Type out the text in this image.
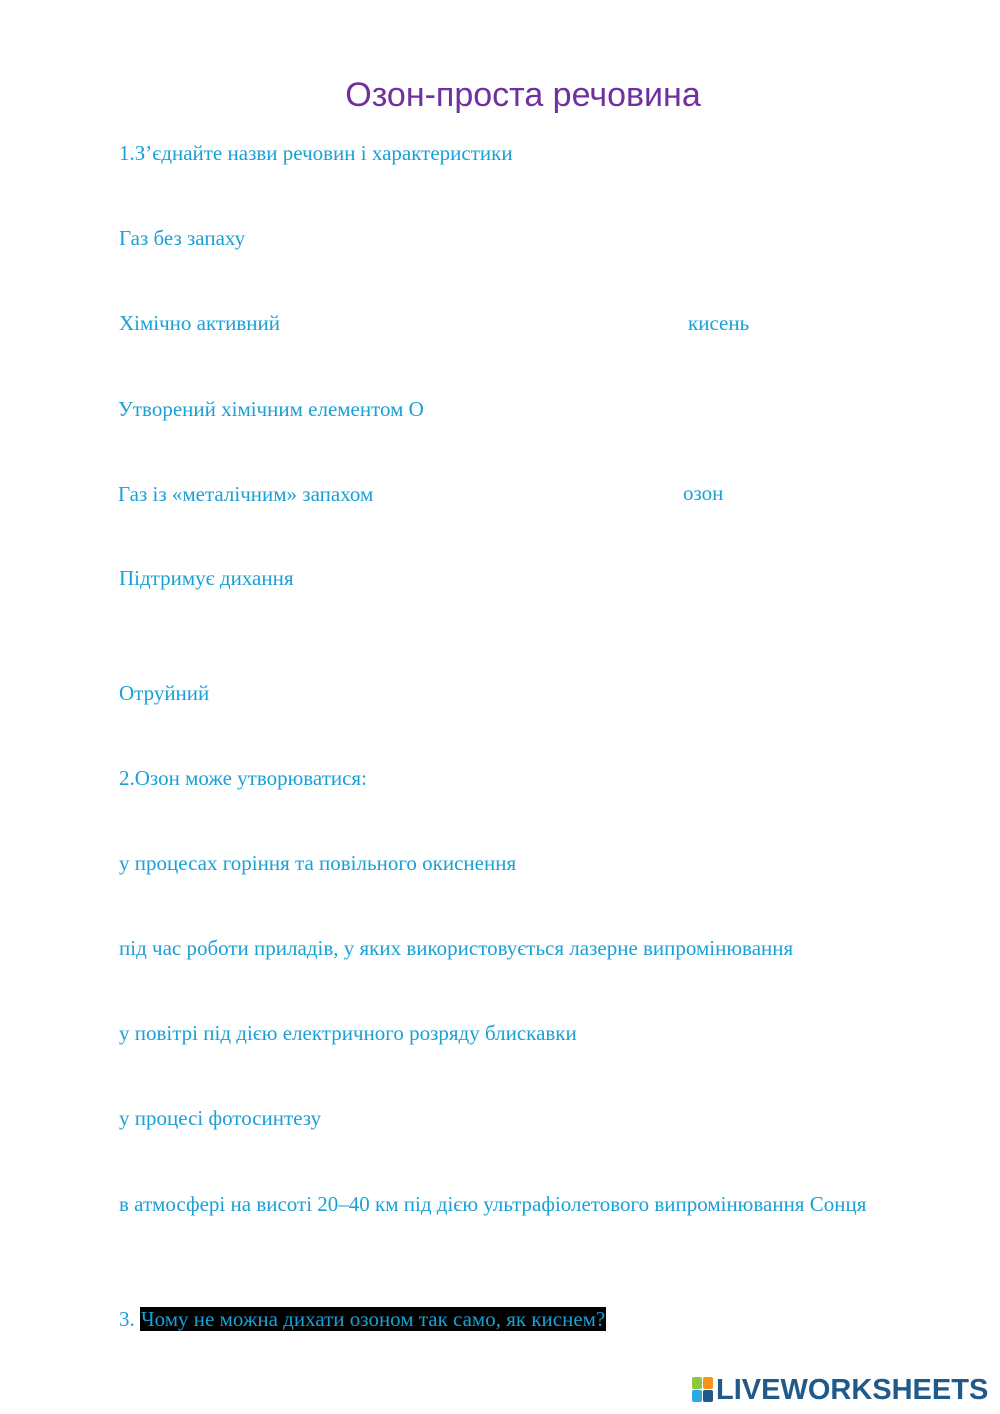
Озон-проста речовина
1.З’єднайте назви речовин і характеристики
Газ без запаху
Хімічно активний
Утворений хімічним елементом О
Газ із «металічним» запахом
Підтримує дихання
Отруйний
кисень
озон
2.Озон може утворюватися:
у процесах горіння та повільного окиснення
під час роботи приладів, у яких використовується лазерне випромінювання
у повітрі під дією електричного розряду блискавки
у процесі фотосинтезу
в атмосфері на висоті 20–40 км під дією ультрафіолетового випромінювання Сонця
3. Чому не можна дихати озоном так само, як киснем?
LIVEWORKSHEETS
